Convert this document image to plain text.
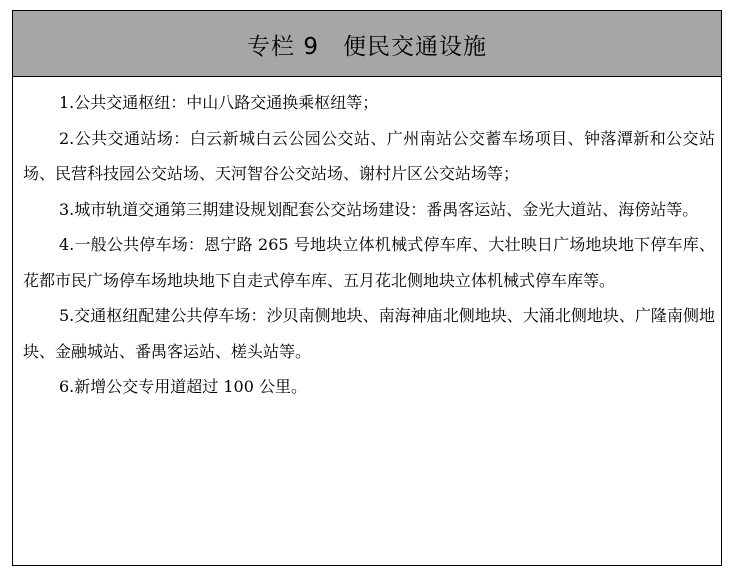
专栏 9　便民交通设施

1.公共交通枢纽：中山八路交通换乘枢纽等；

2.公共交通站场：白云新城白云公园公交站、广州南站公交蓄车场项目、钟落潭新和公交站场、民营科技园公交站场、天河智谷公交站场、谢村片区公交站场等；

3.城市轨道交通第三期建设规划配套公交站场建设：番禺客运站、金光大道站、海傍站等。

4.一般公共停车场：恩宁路 265 号地块立体机械式停车库、大壮映日广场地块地下停车库、花都市民广场停车场地块地下自走式停车库、五月花北侧地块立体机械式停车库等。

5.交通枢纽配建公共停车场：沙贝南侧地块、南海神庙北侧地块、大涌北侧地块、广隆南侧地块、金融城站、番禺客运站、槎头站等。

6.新增公交专用道超过 100 公里。
